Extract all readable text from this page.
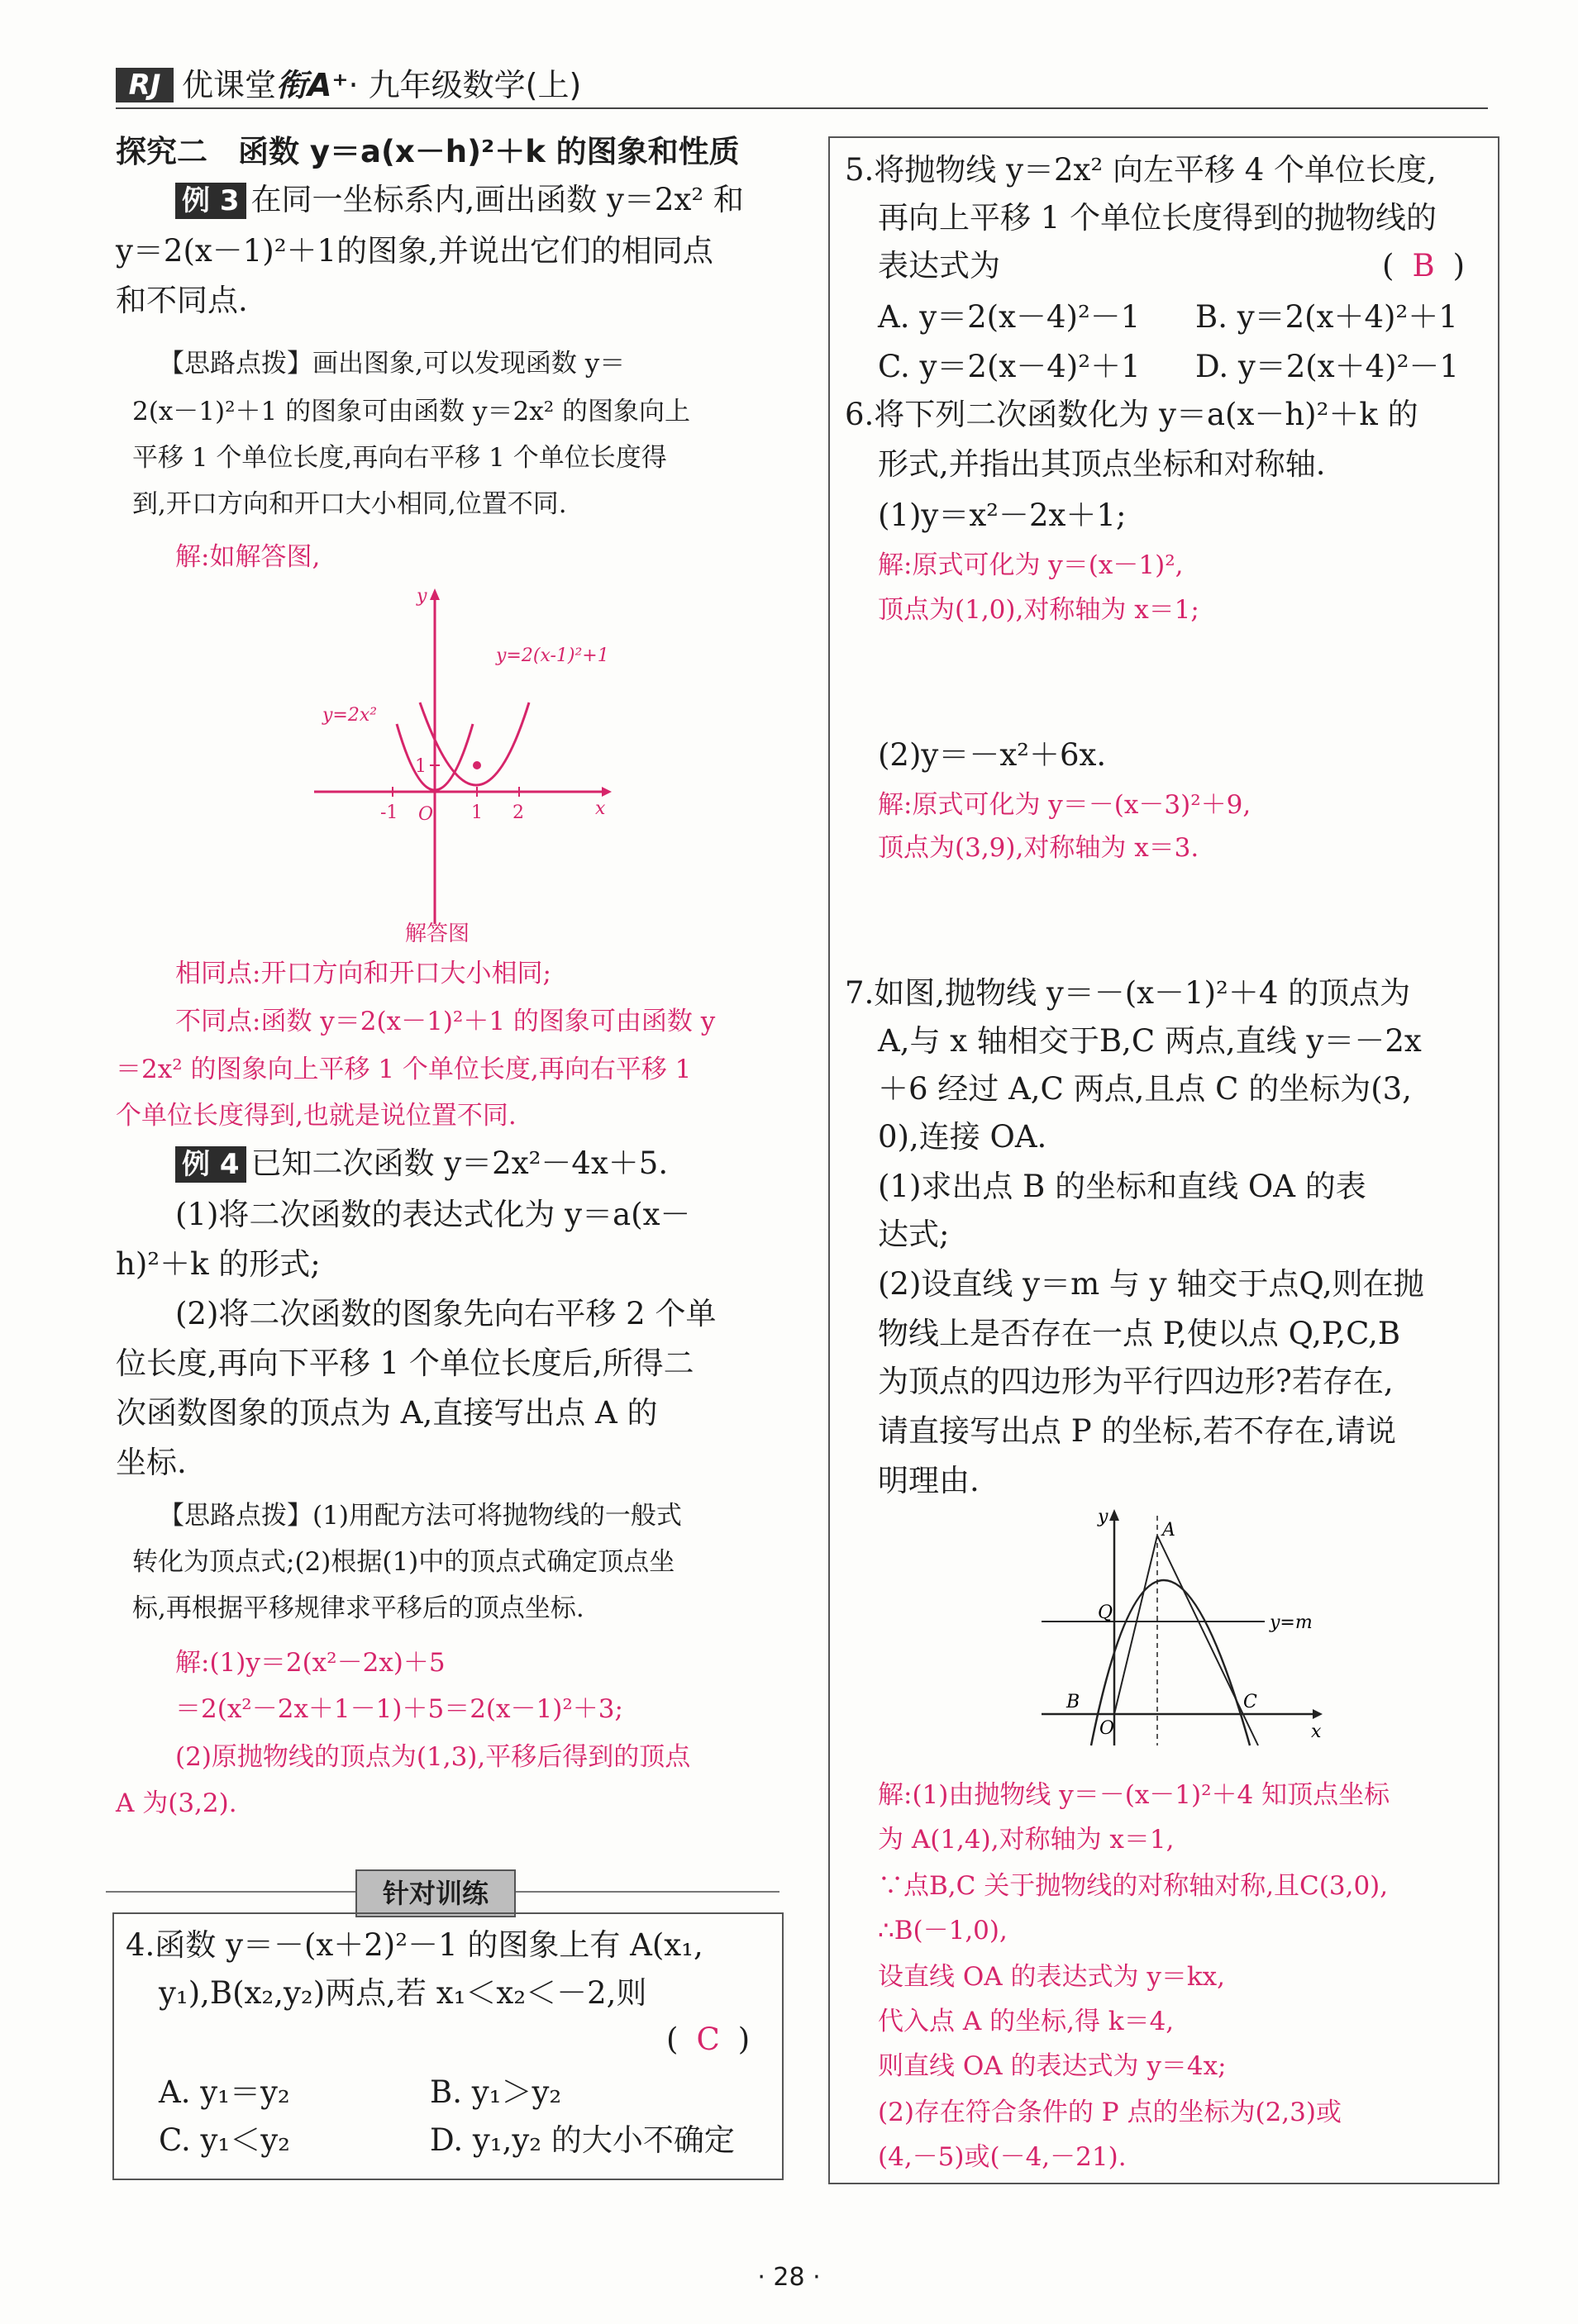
RJ 优课堂衔A⁺· 九年级数学(上)
探究二　函数 y＝a(x－h)²＋k 的图象和性质
例 3 在同一坐标系内,画出函数 y＝2x² 和
y＝2(x－1)²＋1的图象,并说出它们的相同点
和不同点.
【思路点拨】画出图象,可以发现函数 y＝
2(x－1)²＋1 的图象可由函数 y＝2x² 的图象向上
平移 1 个单位长度,再向右平移 1 个单位长度得
到,开口方向和开口大小相同,位置不同.
解:如解答图,
y=2(x-1)²+1
y=2x²
y
x
O
-1	1 2
1
解答图
相同点:开口方向和开口大小相同;
不同点:函数 y＝2(x－1)²＋1 的图象可由函数 y
＝2x² 的图象向上平移 1 个单位长度,再向右平移 1
个单位长度得到,也就是说位置不同.
例 4 已知二次函数 y＝2x²－4x＋5.
(1)将二次函数的表达式化为 y＝a(x－
h)²＋k 的形式;
(2)将二次函数的图象先向右平移 2 个单
位长度,再向下平移 1 个单位长度后,所得二
次函数图象的顶点为 A,直接写出点 A 的
坐标.
【思路点拨】(1)用配方法可将抛物线的一般式
转化为顶点式;(2)根据(1)中的顶点式确定顶点坐
标,再根据平移规律求平移后的顶点坐标.
解:(1)y＝2(x²－2x)＋5
＝2(x²－2x＋1－1)＋5＝2(x－1)²＋3;
(2)原抛物线的顶点为(1,3),平移后得到的顶点
A 为(3,2).
针对训练
4.函数 y＝－(x＋2)²－1 的图象上有 A(x₁,
y₁),B(x₂,y₂)两点,若 x₁＜x₂＜－2,则
( C )
A. y₁＝y₂	B. y₁＞y₂
C. y₁＜y₂	D. y₁,y₂ 的大小不确定
5.将抛物线 y＝2x² 向左平移 4 个单位长度,
再向上平移 1 个单位长度得到的抛物线的
表达式为	( B )
A. y＝2(x－4)²－1 B. y＝2(x＋4)²＋1
C. y＝2(x－4)²＋1 D. y＝2(x＋4)²－1
6.将下列二次函数化为 y＝a(x－h)²＋k 的
形式,并指出其顶点坐标和对称轴.
(1)y＝x²－2x＋1;
解:原式可化为 y＝(x－1)²,
顶点为(1,0),对称轴为 x＝1;
(2)y＝－x²＋6x.
解:原式可化为 y＝－(x－3)²＋9,
顶点为(3,9),对称轴为 x＝3.
7.如图,抛物线 y＝－(x－1)²＋4 的顶点为
A,与 x 轴相交于B,C 两点,直线 y＝－2x
＋6 经过 A,C 两点,且点 C 的坐标为(3,
0),连接 OA.
(1)求出点 B 的坐标和直线 OA 的表
达式;
(2)设直线 y＝m 与 y 轴交于点Q,则在抛
物线上是否存在一点 P,使以点 Q,P,C,B
为顶点的四边形为平行四边形?若存在,
请直接写出点 P 的坐标,若不存在,请说
明理由.
y
x
A
Q
B
O
C
y=m
解:(1)由抛物线 y＝－(x－1)²＋4 知顶点坐标
为 A(1,4),对称轴为 x＝1,
∵点B,C 关于抛物线的对称轴对称,且C(3,0),
∴B(－1,0),
设直线 OA 的表达式为 y＝kx,
代入点 A 的坐标,得 k＝4,
则直线 OA 的表达式为 y＝4x;
(2)存在符合条件的 P 点的坐标为(2,3)或
(4,－5)或(－4,－21).
· 28 ·
